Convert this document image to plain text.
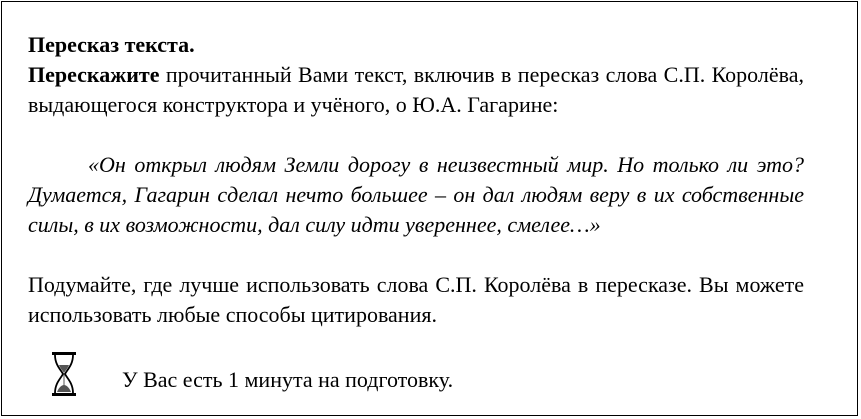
Пересказ текста.
Перескажите прочитанный Вами текст, включив в пересказ слова С.П. Королёва, выдающегося конструктора и учёного, о Ю.А. Гагарине:
«Он открыл людям Земли дорогу в неизвестный мир. Но только ли это? Думается, Гагарин сделал нечто большее – он дал людям веру в их собственные силы, в их возможности, дал силу идти увереннее, смелее…»
Подумайте, где лучше использовать слова С.П. Королёва в пересказе. Вы можете использовать любые способы цитирования.
У Вас есть 1 минута на подготовку.
